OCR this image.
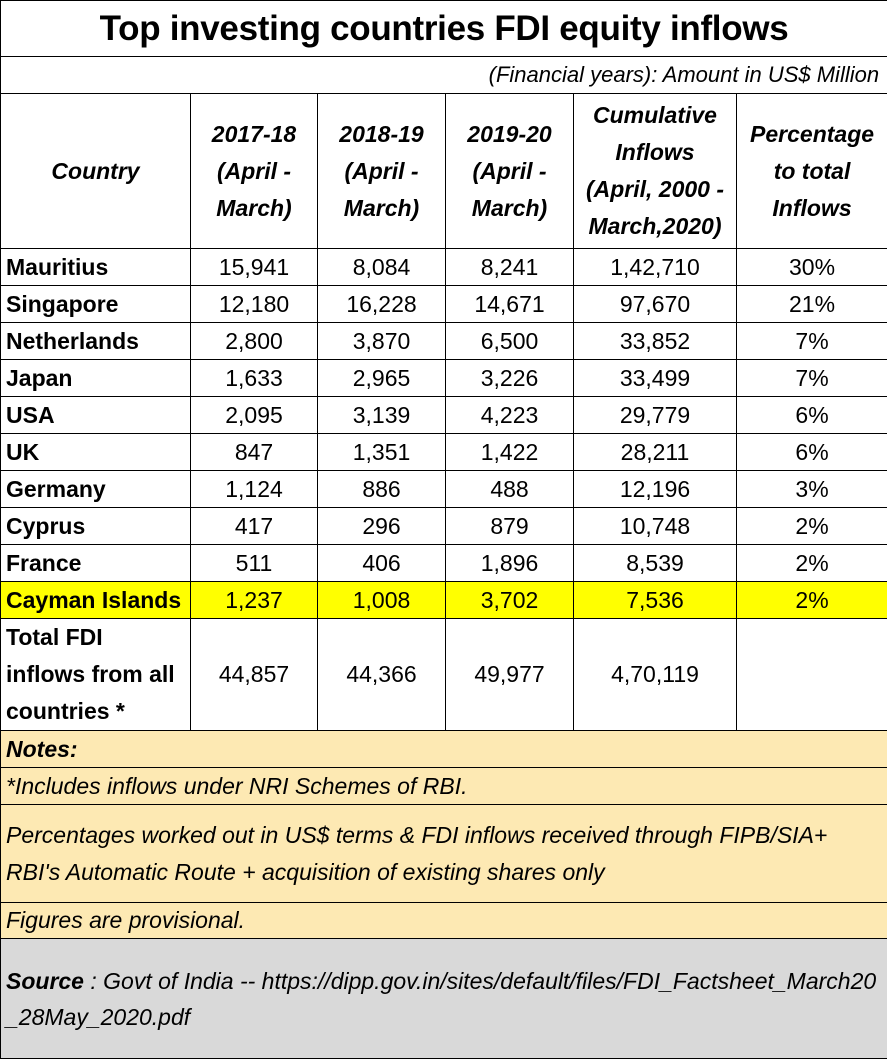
Top investing countries FDI equity inflows					
(Financial years): Amount in US$ Million					
Country	2017-18 (April - March)	2018-19 (April - March)	2019-20 (April - March)	Cumulative Inflows (April, 2000 - March,2020)	Percentage to total Inflows
Mauritius	15,941	8,084	8,241	1,42,710	30%
Singapore	12,180	16,228	14,671	97,670	21%
Netherlands	2,800	3,870	6,500	33,852	7%
Japan	1,633	2,965	3,226	33,499	7%
USA	2,095	3,139	4,223	29,779	6%
UK	847	1,351	1,422	28,211	6%
Germany	1,124	886	488	12,196	3%
Cyprus	417	296	879	10,748	2%
France	511	406	1,896	8,539	2%
Cayman Islands	1,237	1,008	3,702	7,536	2%
Total FDI inflows from all countries *	44,857	44,366	49,977	4,70,119	
Notes:					
*Includes inflows under NRI Schemes of RBI.					
Percentages worked out in US$ terms & FDI inflows received through FIPB/SIA+ RBI's Automatic Route + acquisition of existing shares only					
Figures are provisional.					
Source : Govt of India -- https://dipp.gov.in/sites/default/files/FDI_Factsheet_March20_28May_2020.pdf					
